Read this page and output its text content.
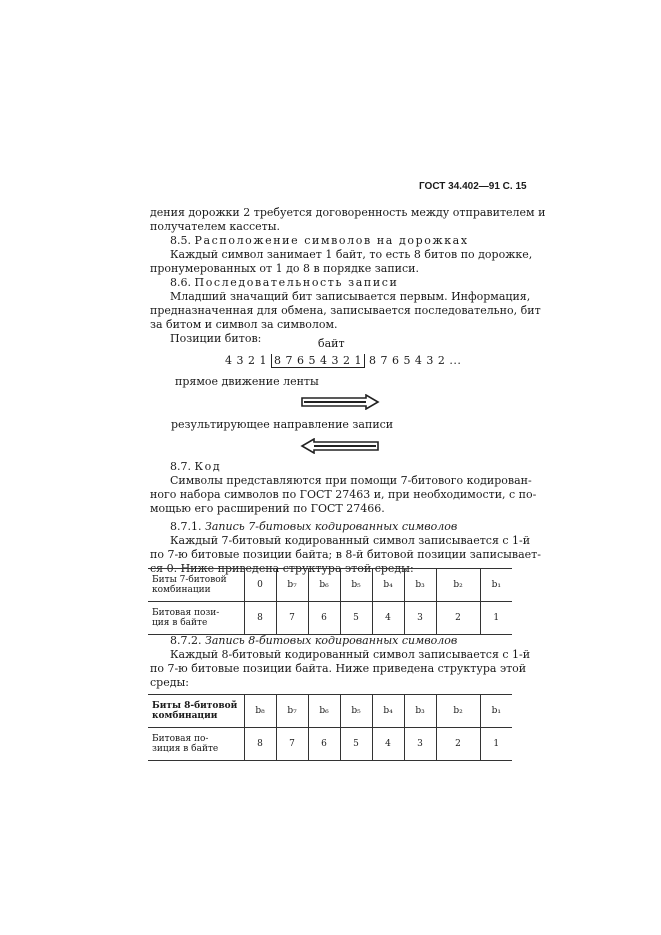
ГОСТ 34.402—91 С. 15
дения дорожки 2 требуется договоренность между отправителем и
получателем кассеты.
8.5. Расположение символов на дорожках
Каждый символ занимает 1 байт, то есть 8 битов по дорожке,
пронумерованных от 1 до 8 в порядке записи.
8.6. Последовательность записи
Младший значащий бит записывается первым. Информация,
предназначенная для обмена, записывается последовательно, бит
за битом и символ за символом.
Позиции битов:	байт
4 3 2 1 8 7 6 5 4 3 2 1 8 7 6 5 4 3 2 ...
прямое движение ленты
результирующее направление записи
8.7. Код
Символы представляются при помощи 7-битового кодирован-
ного набора символов по ГОСТ 27463 и, при необходимости, с по-
мощью его расширений по ГОСТ 27466.
8.7.1. Запись 7-битовых кодированных символов
Каждый 7-битовый кодированный символ записывается с 1-й
по 7-ю битовые позиции байта; в 8-й битовой позиции записывает-
ся 0. Ниже приведена структура этой среды:
Биты 7-битовой
комбинации	0	b₇	b₆	b₅	b₄	b₃	b₂	b₁
Битовая пози-
ция в байте	8	7	6	5	4	3	2	1
8.7.2. Запись 8-битовых кодированных символов
Каждый 8-битовый кодированный символ записывается с 1-й
по 7-ю битовые позиции байта. Ниже приведена структура этой
среды:
Биты 8-битовой
комбинации	b₈	b₇	b₆	b₅	b₄	b₃	b₂	b₁
Битовая по-
зиция в байте	8	7	6	5	4	3	2	1
